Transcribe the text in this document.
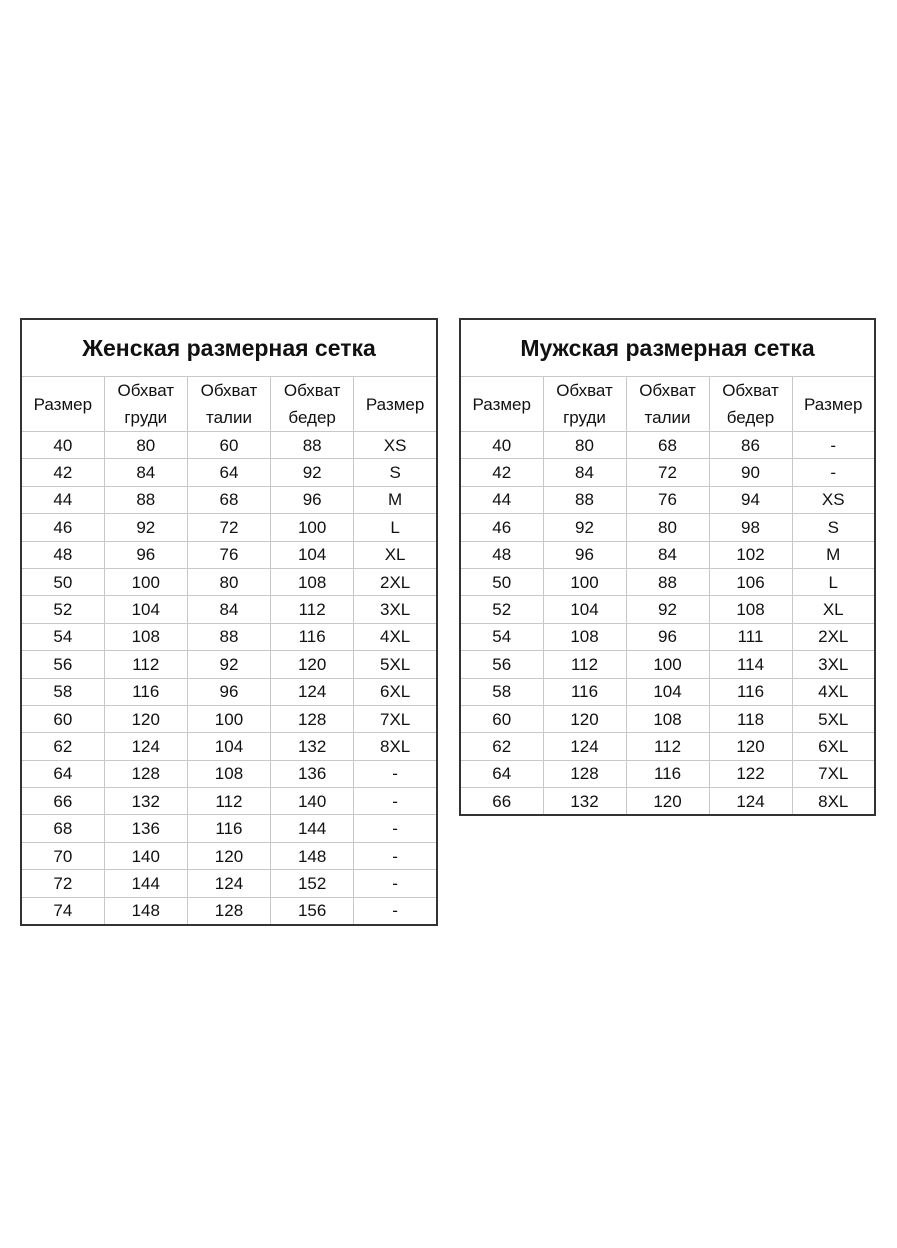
Женская размерная сетка				
Размер	Обхват груди	Обхват талии	Обхват бедер	Размер
40	80	60	88	XS
42	84	64	92	S
44	88	68	96	M
46	92	72	100	L
48	96	76	104	XL
50	100	80	108	2XL
52	104	84	112	3XL
54	108	88	116	4XL
56	112	92	120	5XL
58	116	96	124	6XL
60	120	100	128	7XL
62	124	104	132	8XL
64	128	108	136	-
66	132	112	140	-
68	136	116	144	-
70	140	120	148	-
72	144	124	152	-
74	148	128	156	-
Мужская размерная сетка				
Размер	Обхват груди	Обхват талии	Обхват бедер	Размер
40	80	68	86	-
42	84	72	90	-
44	88	76	94	XS
46	92	80	98	S
48	96	84	102	M
50	100	88	106	L
52	104	92	108	XL
54	108	96	111	2XL
56	112	100	114	3XL
58	116	104	116	4XL
60	120	108	118	5XL
62	124	112	120	6XL
64	128	116	122	7XL
66	132	120	124	8XL
